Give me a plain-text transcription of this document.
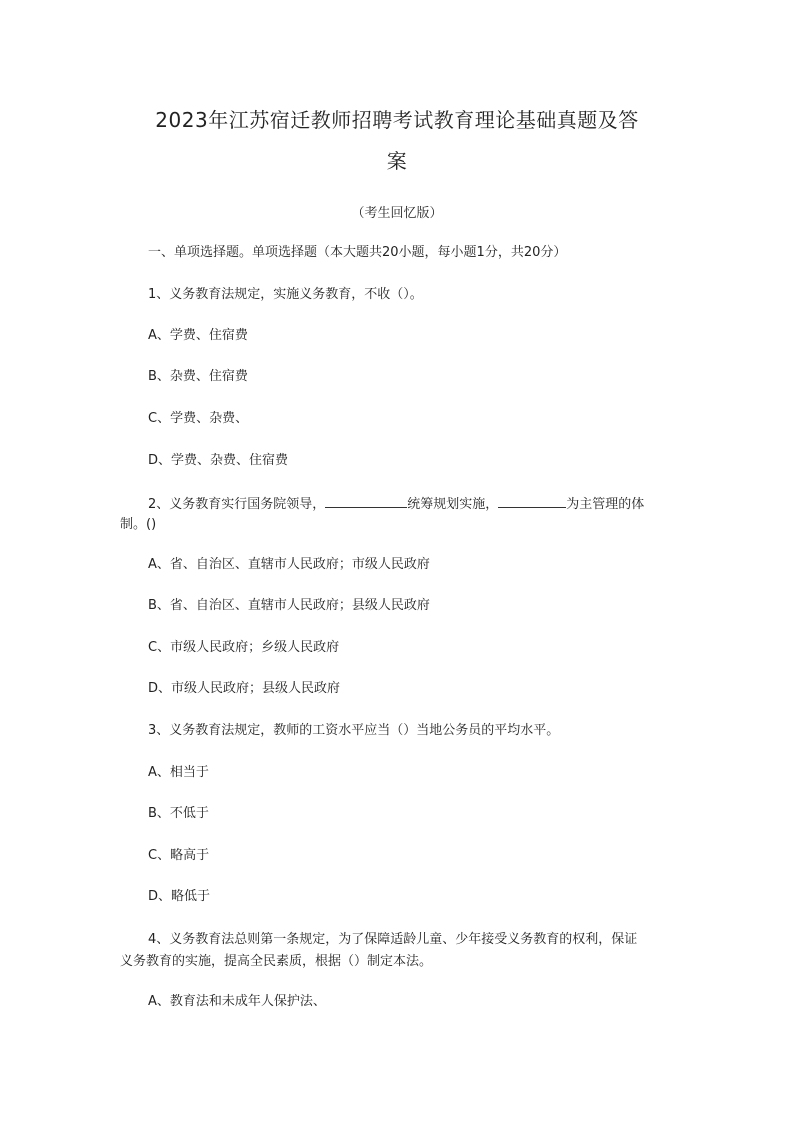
2023年江苏宿迁教师招聘考试教育理论基础真题及答
案
（考生回忆版）
一、单项选择题。单项选择题（本大题共20小题，每小题1分，共20分）
1、义务教育法规定，实施义务教育，不收（）。
A、学费、住宿费
B、杂费、住宿费
C、学费、杂费、
D、学费、杂费、住宿费
2、义务教育实行国务院领导，	统筹规划实施，	为主管理的体
制。()
A、省、自治区、直辖市人民政府；市级人民政府
B、省、自治区、直辖市人民政府；县级人民政府
C、市级人民政府；乡级人民政府
D、市级人民政府；县级人民政府
3、义务教育法规定，教师的工资水平应当（）当地公务员的平均水平。
A、相当于
B、不低于
C、略高于
D、略低于
4、义务教育法总则第一条规定，为了保障适龄儿童、少年接受义务教育的权利，保证
义务教育的实施，提高全民素质，根据（）制定本法。
A、教育法和未成年人保护法、
